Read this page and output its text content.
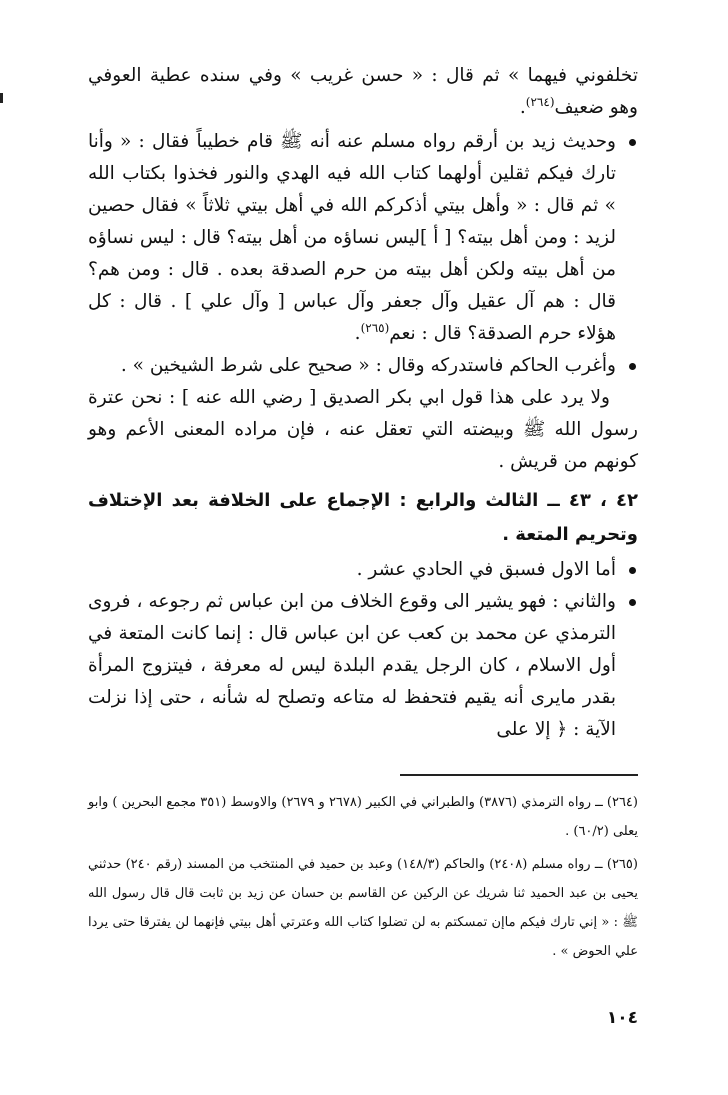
تخلفوني فيهما » ثم قال : « حسن غريب » وفي سنده عطية العوفي وهو ضعيف$^{(٢٦٤)}$.

وحديث زيد بن أرقم رواه مسلم عنه أنه ﷺ قام خطيباً فقال : « وأنا تارك فيكم ثقلين أولهما كتاب الله فيه الهدي والنور فخذوا بكتاب الله » ثم قال : « وأهل بيتي أذكركم الله في أهل بيتي ثلاثاً » فقال حصين لزيد : ومن أهل بيته؟ [ أ ]ليس نساؤه من أهل بيته؟ قال : ليس نساؤه من أهل بيته ولكن أهل بيته من حرم الصدقة بعده . قال : ومن هم؟ قال : هم آل عقيل وآل جعفر وآل عباس [ وآل علي ] . قال : كل هؤلاء حرم الصدقة؟ قال : نعم$^{(٢٦٥)}$.

وأغرب الحاكم فاستدركه وقال : « صحيح على شرط الشيخين » .

ولا يرد على هذا قول ابي بكر الصديق [ رضي الله عنه ] : نحن عترة رسول الله ﷺ وبيضته التي تعقل عنه ، فإن مراده المعنى الأعم وهو كونهم من قريش .

٤٢ ، ٤٣ ــ الثالث والرابع : الإجماع على الخلافة بعد الإختلاف وتحريم المتعة .

أما الاول فسبق في الحادي عشر .

والثاني : فهو يشير الى وقوع الخلاف من ابن عباس ثم رجوعه ، فروى الترمذي عن محمد بن كعب عن ابن عباس قال : إنما كانت المتعة في أول الاسلام ، كان الرجل يقدم البلدة ليس له معرفة ، فيتزوج المرأة بقدر مايرى أنه يقيم فتحفظ له متاعه وتصلح له شأنه ، حتى إذا نزلت الآية : ﴿ إلا على

(٢٦٤) ــ رواه الترمذي (٣٨٧٦) والطبراني في الكبير (٢٦٧٨ و ٢٦٧٩) والاوسط (٣٥١ مجمع البحرين ) وابو يعلى (٦٠/٢) .

(٢٦٥) ــ رواه مسلم (٢٤٠٨) والحاكم (١٤٨/٣) وعبد بن حميد في المنتخب من المسند (رقم ٢٤٠) حدثني يحيى بن عبد الحميد ثنا شريك عن الركين عن القاسم بن حسان عن زيد بن ثابت قال قال رسول الله ﷺ : « إني تارك فيكم ماإن تمسكتم به لن تضلوا كتاب الله وعترتي أهل بيتي فإنهما لن يفترقا حتى يردا علي الحوض » .

١٠٤
